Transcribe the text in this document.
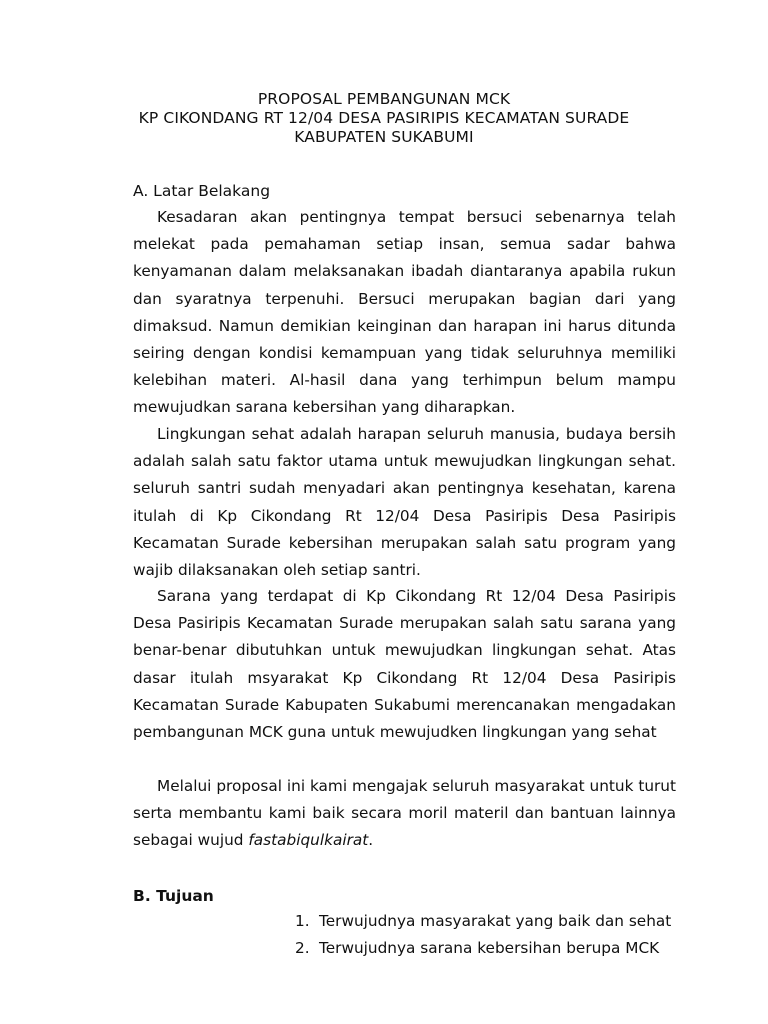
PROPOSAL PEMBANGUNAN MCK
KP CIKONDANG RT 12/04 DESA PASIRIPIS KECAMATAN SURADE
KABUPATEN SUKABUMI
A. Latar Belakang

Kesadaran akan pentingnya tempat bersuci sebenarnya telah melekat pada pemahaman setiap insan, semua sadar bahwa kenyamanan dalam melaksanakan ibadah diantaranya apabila rukun dan syaratnya terpenuhi. Bersuci merupakan bagian dari yang dimaksud. Namun demikian keinginan dan harapan ini harus ditunda seiring dengan kondisi kemampuan yang tidak seluruhnya memiliki kelebihan materi. Al-hasil dana yang terhimpun belum mampu mewujudkan sarana kebersihan yang diharapkan.

Lingkungan sehat adalah harapan seluruh manusia, budaya bersih adalah salah satu faktor utama untuk mewujudkan lingkungan sehat. seluruh santri sudah menyadari akan pentingnya kesehatan, karena itulah di Kp Cikondang Rt 12/04 Desa Pasiripis Desa Pasiripis Kecamatan Surade kebersihan merupakan salah satu program yang wajib dilaksanakan oleh setiap santri.

Sarana yang terdapat di Kp Cikondang Rt 12/04 Desa Pasiripis Desa Pasiripis Kecamatan Surade merupakan salah satu sarana yang benar-benar dibutuhkan untuk mewujudkan lingkungan sehat. Atas dasar itulah msyarakat Kp Cikondang Rt 12/04 Desa Pasiripis Kecamatan Surade Kabupaten Sukabumi merencanakan mengadakan pembangunan MCK guna untuk mewujudken lingkungan yang sehat

Melalui proposal ini kami mengajak seluruh masyarakat untuk turut serta membantu kami baik secara moril materil dan bantuan lainnya sebagai wujud fastabiqulkairat.

B. Tujuan
1. Terwujudnya masyarakat yang baik dan sehat
2. Terwujudnya sarana kebersihan berupa MCK
